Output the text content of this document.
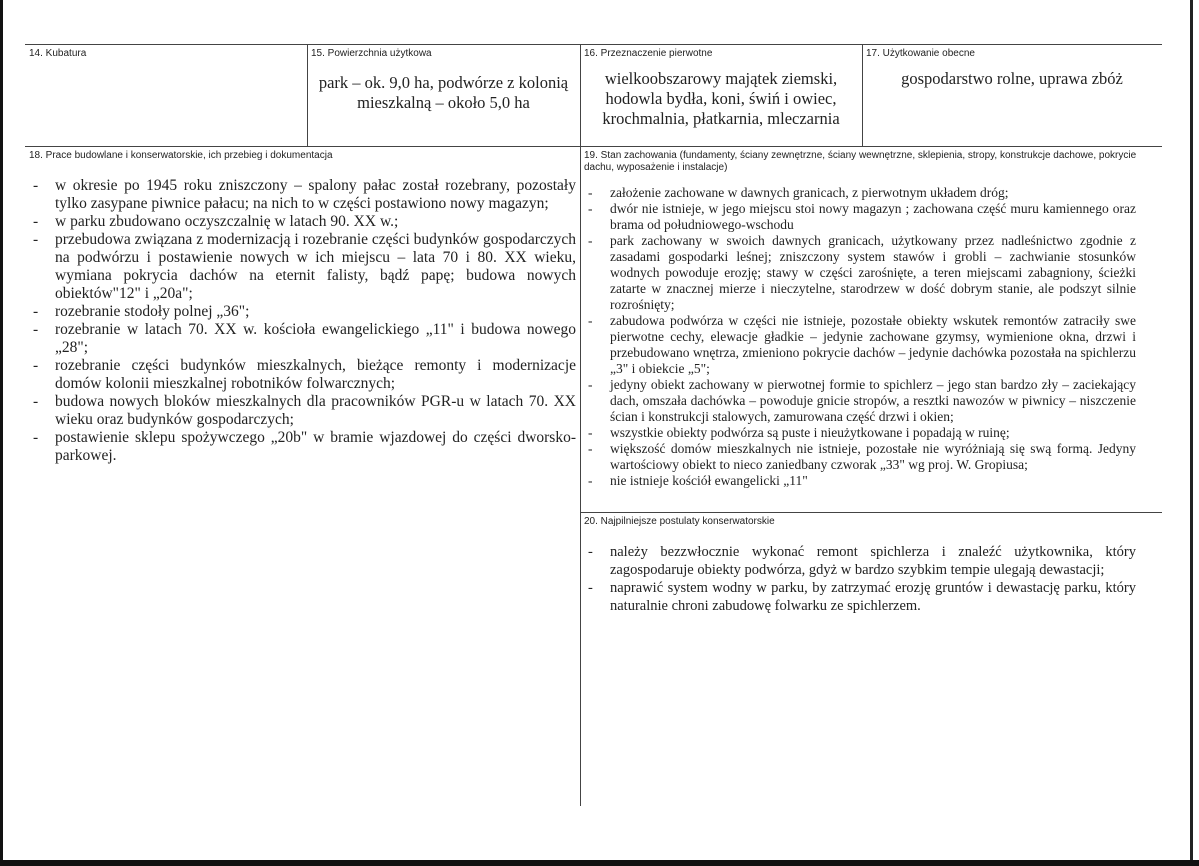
14. Kubatura	15. Powierzchnia użytkowa
park – ok. 9,0 ha, podwórze z kolonią mieszkalną – około 5,0 ha
16. Przeznaczenie pierwotne
wielkoobszarowy majątek ziemski, hodowla bydła, koni, świń i owiec, krochmalnia, płatkarnia, mleczarnia
17. Użytkowanie obecne
gospodarstwo rolne, uprawa zbóż
18. Prace budowlane i konserwatorskie, ich przebieg i dokumentacja
- w okresie po 1945 roku zniszczony – spalony pałac został rozebrany, pozostały tylko zasypane piwnice pałacu; na nich to w części postawiono nowy magazyn;
- w parku zbudowano oczyszczalnię w latach 90. XX w.;
- przebudowa związana z modernizacją i rozebranie części budynków gospodarczych na podwórzu i postawienie nowych w ich miejscu – lata 70 i 80. XX wieku, wymiana pokrycia dachów na eternit falisty, bądź papę; budowa nowych obiektów"12" i „20a";
- rozebranie stodoły polnej „36";
- rozebranie w latach 70. XX w. kościoła ewangelickiego „11" i budowa nowego „28";
- rozebranie części budynków mieszkalnych, bieżące remonty i modernizacje domów kolonii mieszkalnej robotników folwarcznych;
- budowa nowych bloków mieszkalnych dla pracowników PGR-u w latach 70. XX wieku oraz budynków gospodarczych;
- postawienie sklepu spożywczego „20b" w bramie wjazdowej do części dworsko-parkowej.
19. Stan zachowania (fundamenty, ściany zewnętrzne, ściany wewnętrzne, sklepienia, stropy, konstrukcje dachowe, pokrycie dachu, wyposażenie i instalacje)
- założenie zachowane w dawnych granicach, z pierwotnym układem dróg;
- dwór nie istnieje, w jego miejscu stoi nowy magazyn ; zachowana część muru kamiennego oraz brama od południowego-wschodu
- park zachowany w swoich dawnych granicach, użytkowany przez nadleśnictwo zgodnie z zasadami gospodarki leśnej; zniszczony system stawów i grobli – zachwianie stosunków wodnych powoduje erozję; stawy w części zarośnięte, a teren miejscami zabagniony, ścieżki zatarte w znacznej mierze i nieczytelne, starodrzew w dość dobrym stanie, ale podszyt silnie rozrośnięty;
- zabudowa podwórza w części nie istnieje, pozostałe obiekty wskutek remontów zatraciły swe pierwotne cechy, elewacje gładkie – jedynie zachowane gzymsy, wymienione okna, drzwi i przebudowano wnętrza, zmieniono pokrycie dachów – jedynie dachówka pozostała na spichlerzu „3" i obiekcie „5";
- jedyny obiekt zachowany w pierwotnej formie to spichlerz – jego stan bardzo zły – zaciekający dach, omszała dachówka – powoduje gnicie stropów, a resztki nawozów w piwnicy – niszczenie ścian i konstrukcji stalowych, zamurowana część drzwi i okien;
- wszystkie obiekty podwórza są puste i nieużytkowane i popadają w ruinę;
- większość domów mieszkalnych nie istnieje, pozostałe nie wyróżniają się swą formą. Jedyny wartościowy obiekt to nieco zaniedbany czworak „33" wg proj. W. Gropiusa;
- nie istnieje kościół ewangelicki „11"
20. Najpilniejsze postulaty konserwatorskie
- należy bezzwłocznie wykonać remont spichlerza i znaleźć użytkownika, który zagospodaruje obiekty podwórza, gdyż w bardzo szybkim tempie ulegają dewastacji;
- naprawić system wodny w parku, by zatrzymać erozję gruntów i dewastację parku, który naturalnie chroni zabudowę folwarku ze spichlerzem.
